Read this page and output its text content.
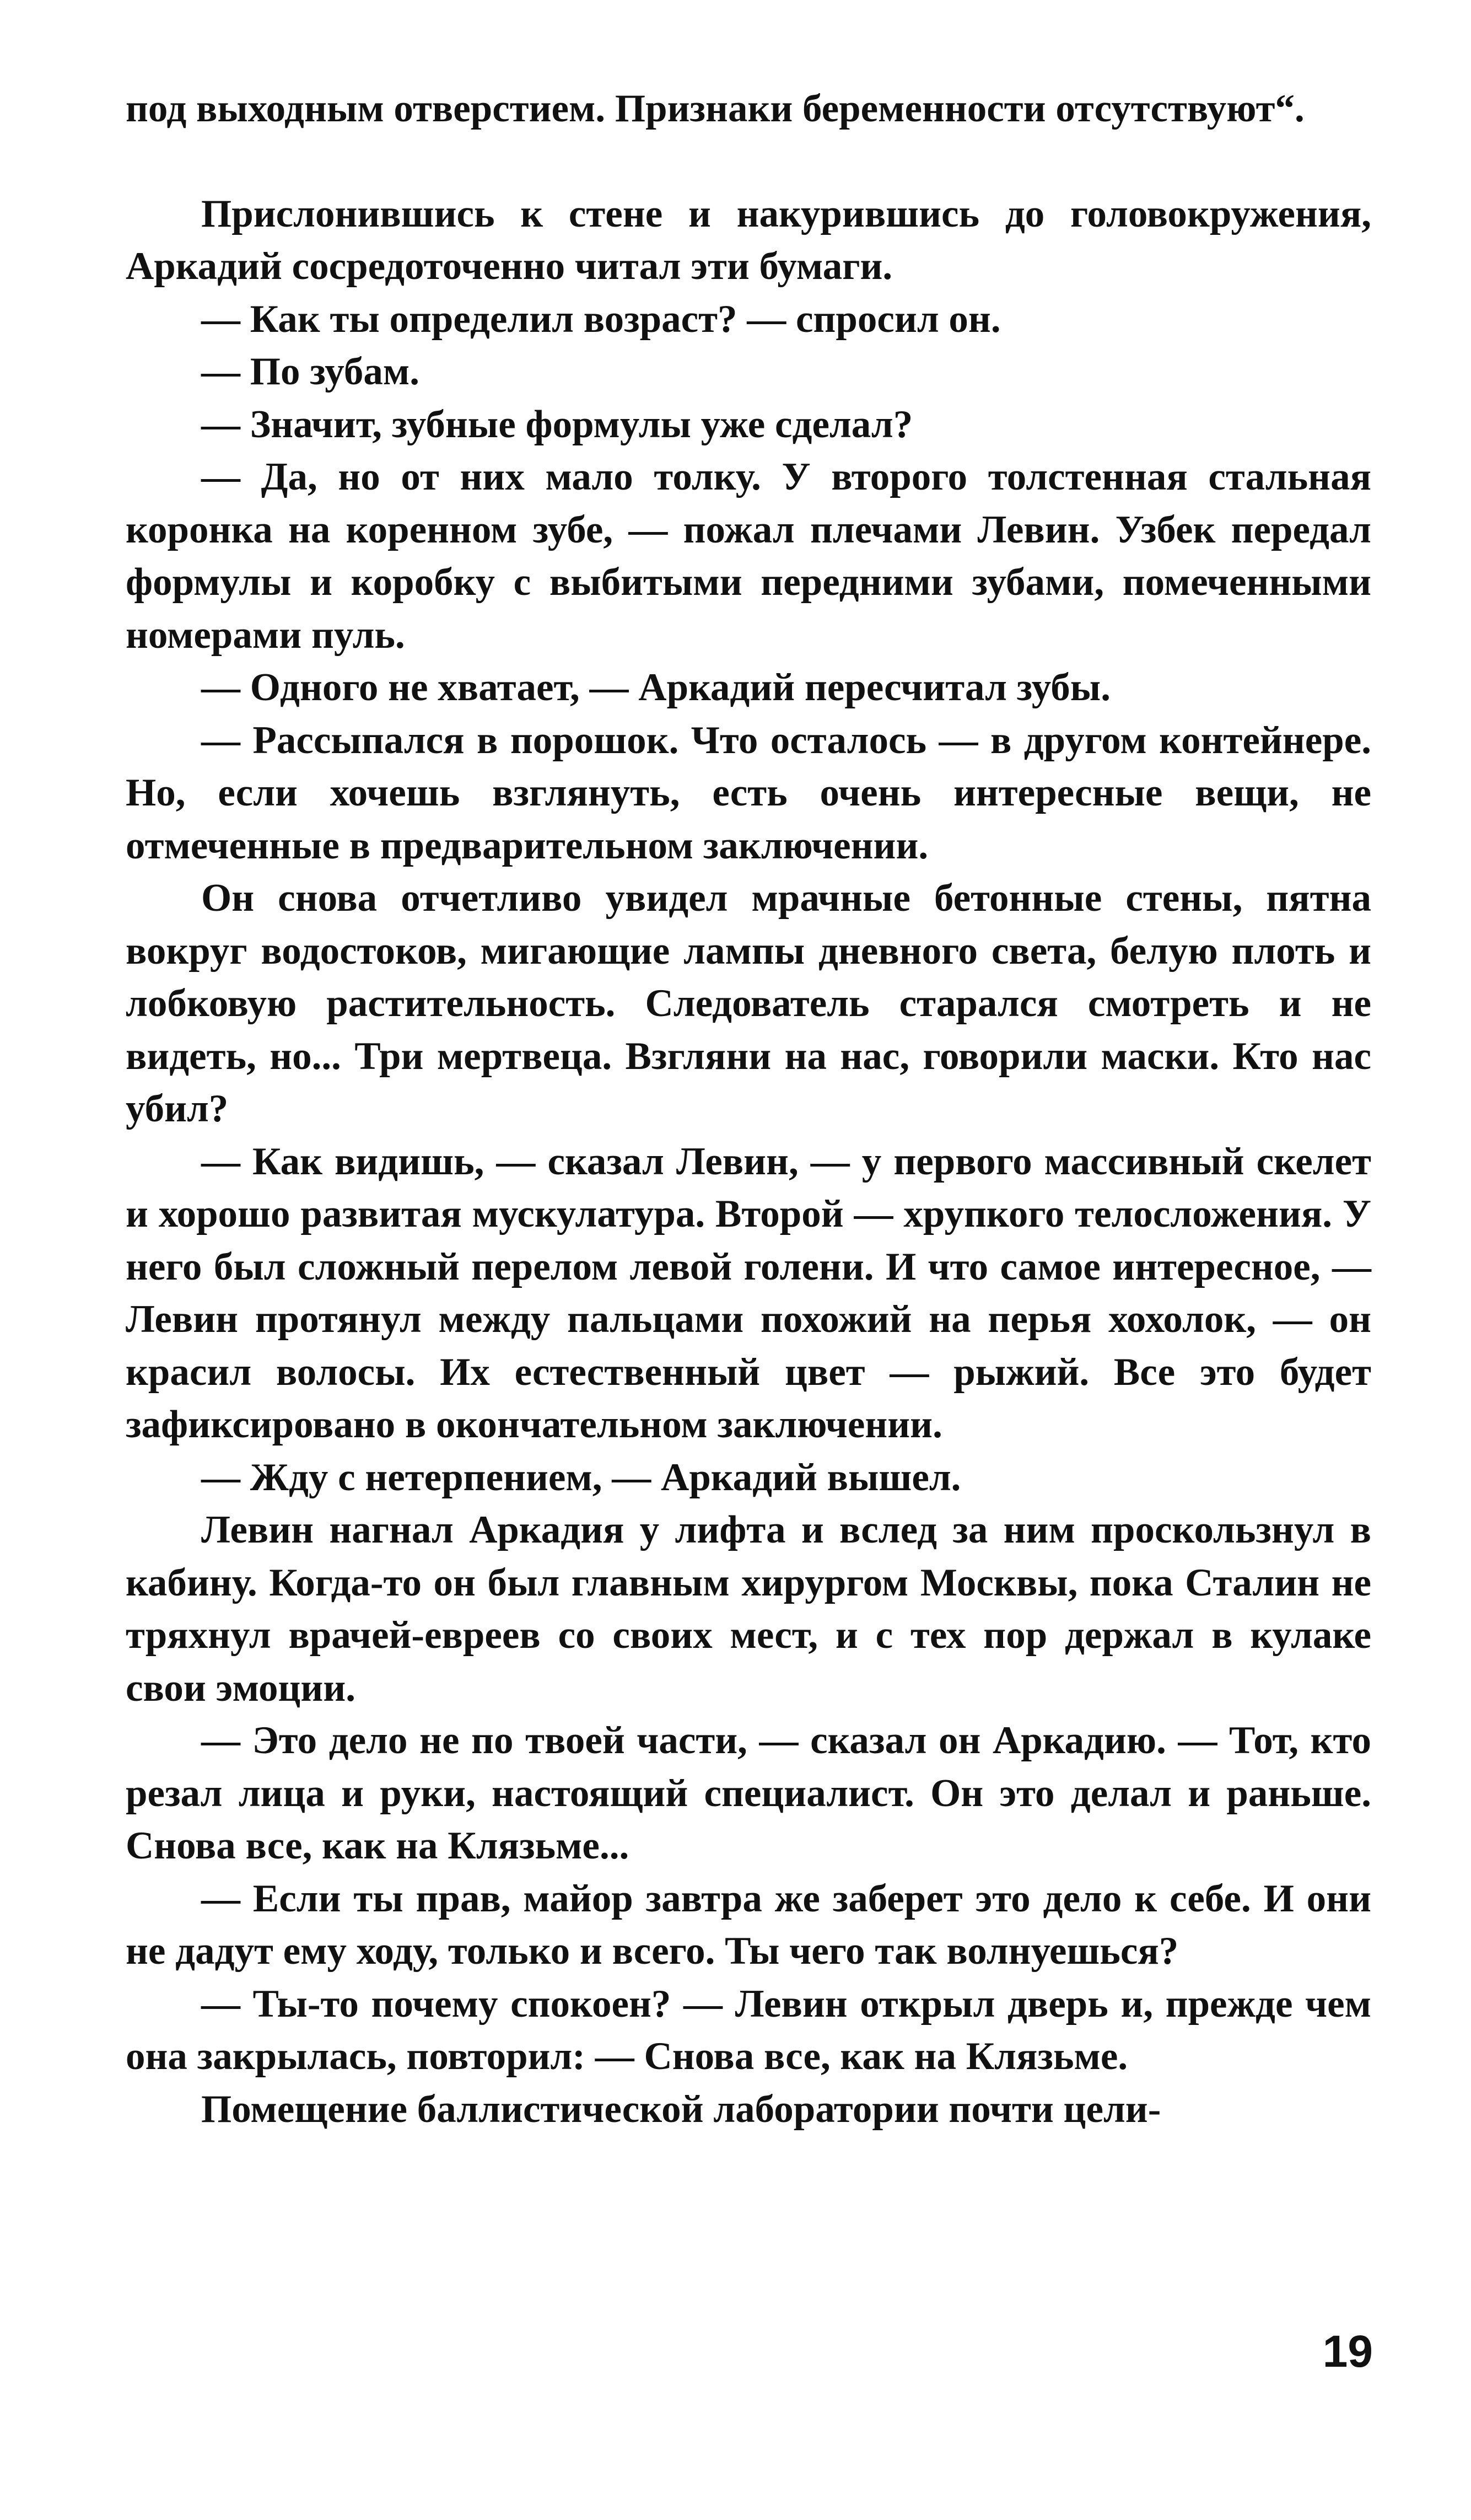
под выходным отверстием. Признаки беременности отсутствуют“.

Прислонившись к стене и накурившись до головокружения, Аркадий сосредоточенно читал эти бумаги.

— Как ты определил возраст? — спросил он.

— По зубам.

— Значит, зубные формулы уже сделал?

— Да, но от них мало толку. У второго толстенная стальная коронка на коренном зубе, — пожал плечами Левин. Узбек передал формулы и коробку с выбитыми передними зубами, помеченными номерами пуль.

— Одного не хватает, — Аркадий пересчитал зубы.

— Рассыпался в порошок. Что осталось — в другом контейнере. Но, если хочешь взглянуть, есть очень интересные вещи, не отмеченные в предварительном заключении.

Он снова отчетливо увидел мрачные бетонные стены, пятна вокруг водостоков, мигающие лампы дневного света, белую плоть и лобковую растительность. Следователь старался смотреть и не видеть, но... Три мертвеца. Взгляни на нас, говорили маски. Кто нас убил?

— Как видишь, — сказал Левин, — у первого массивный скелет и хорошо развитая мускулатура. Второй — хрупкого телосложения. У него был сложный перелом левой голени. И что самое интересное, — Левин протянул между пальцами похожий на перья хохолок, — он красил волосы. Их естественный цвет — рыжий. Все это будет зафиксировано в окончательном заключении.

— Жду с нетерпением, — Аркадий вышел.

Левин нагнал Аркадия у лифта и вслед за ним проскользнул в кабину. Когда-то он был главным хирургом Москвы, пока Сталин не тряхнул врачей-евреев со своих мест, и с тех пор держал в кулаке свои эмоции.

— Это дело не по твоей части, — сказал он Аркадию. — Тот, кто резал лица и руки, настоящий специалист. Он это делал и раньше. Снова все, как на Клязьме...

— Если ты прав, майор завтра же заберет это дело к себе. И они не дадут ему ходу, только и всего. Ты чего так волнуешься?

— Ты-то почему спокоен? — Левин открыл дверь и, прежде чем она закрылась, повторил: — Снова все, как на Клязьме.

Помещение баллистической лаборатории почти цели-

19
